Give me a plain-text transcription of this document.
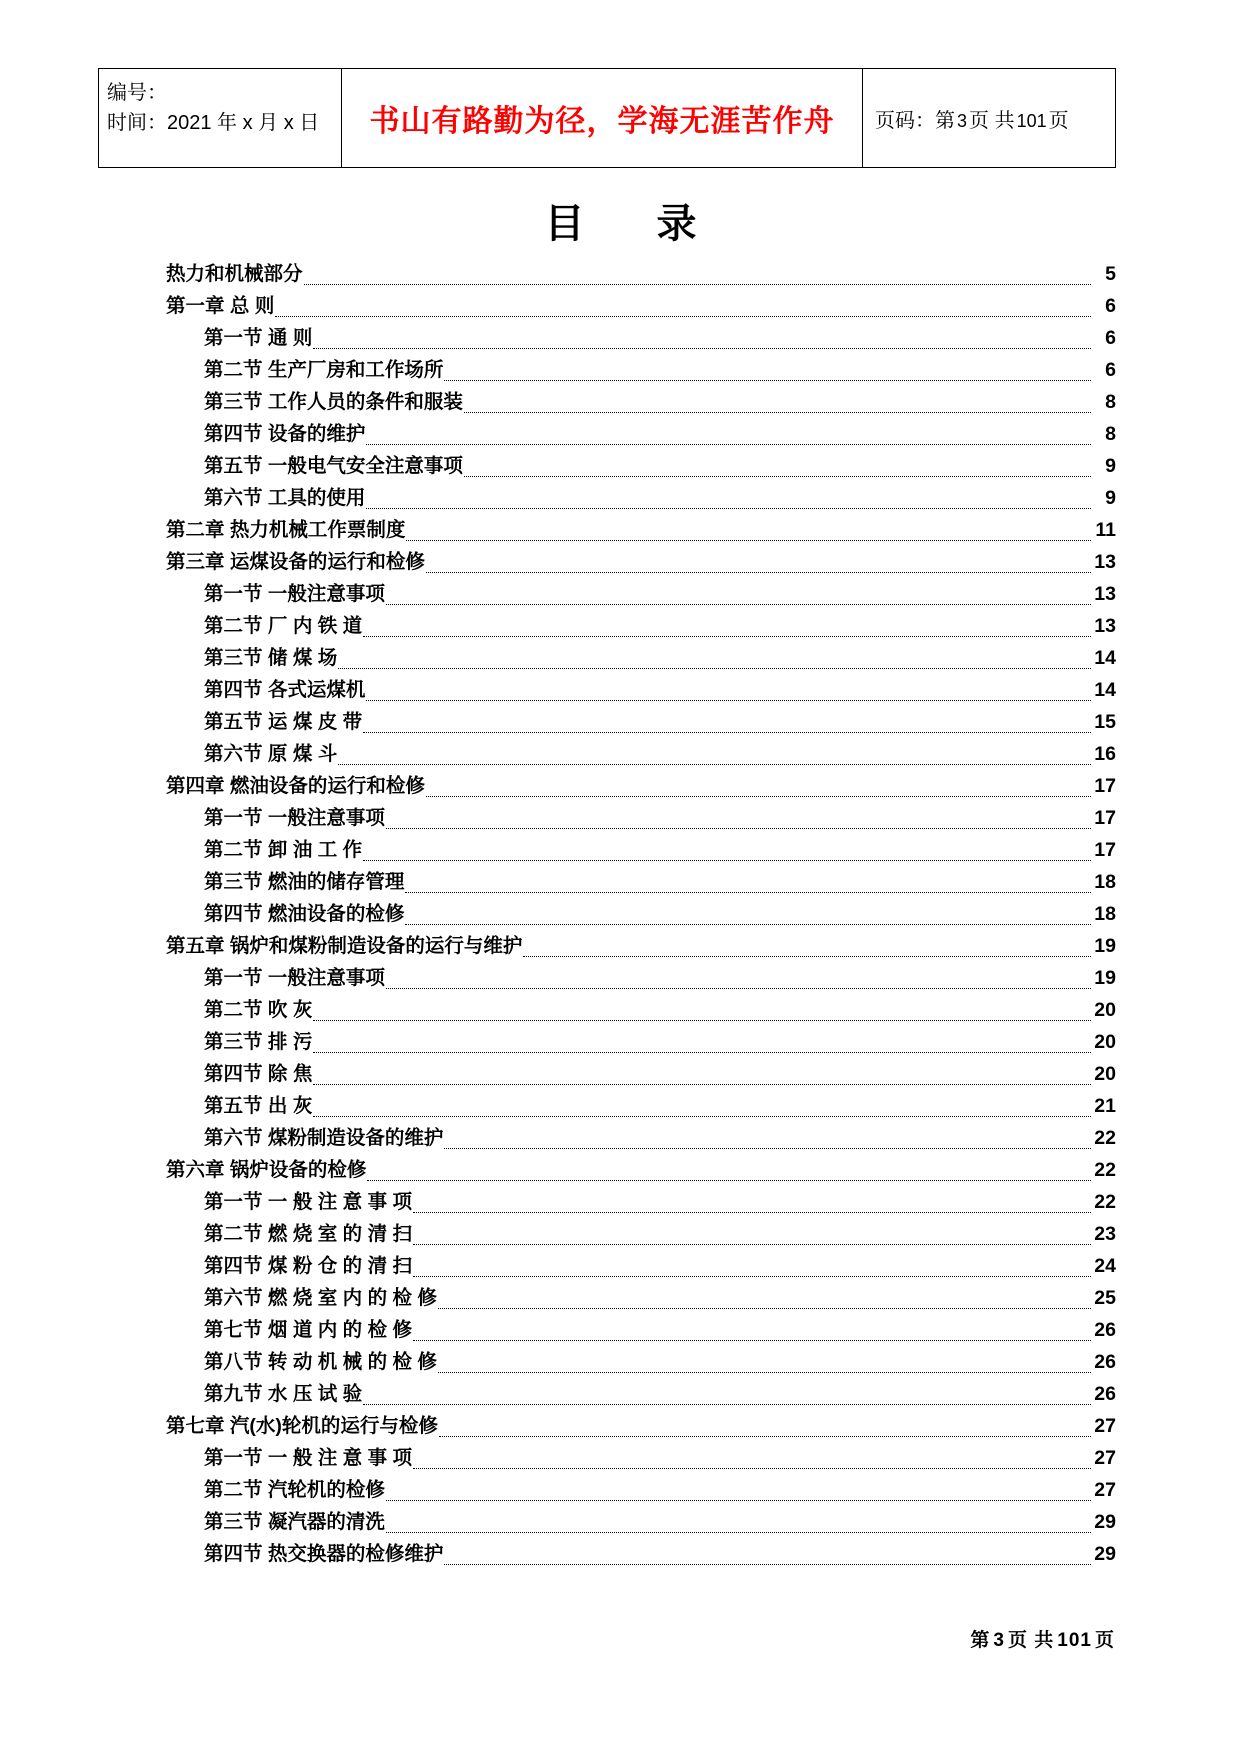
编号：
时间：2021 年 x 月 x 日	书山有路勤为径，学海无涯苦作舟 页码：第 3 页 共 101 页
目 录
热力和机械部分	5
第一章 总 则	6
第一节 通 则	6
第二节 生产厂房和工作场所	6
第三节 工作人员的条件和服装	8
第四节 设备的维护	8
第五节 一般电气安全注意事项	9
第六节 工具的使用	9
第二章 热力机械工作票制度	11
第三章 运煤设备的运行和检修	13
第一节 一般注意事项	13
第二节 厂 内 铁 道	13
第三节 储 煤 场	14
第四节 各式运煤机	14
第五节 运 煤 皮 带	15
第六节 原 煤 斗	16
第四章 燃油设备的运行和检修	17
第一节 一般注意事项	17
第二节 卸 油 工 作	17
第三节 燃油的储存管理	18
第四节 燃油设备的检修	18
第五章 锅炉和煤粉制造设备的运行与维护	19
第一节 一般注意事项	19
第二节 吹 灰	20
第三节 排 污	20
第四节 除 焦	20
第五节 出 灰	21
第六节 煤粉制造设备的维护	22
第六章 锅炉设备的检修	22
第一节 一 般 注 意 事 项	22
第二节 燃 烧 室 的 清 扫	23
第四节 煤 粉 仓 的 清 扫	24
第六节 燃 烧 室 内 的 检 修	25
第七节 烟 道 内 的 检 修	26
第八节 转 动 机 械 的 检 修	26
第九节 水 压 试 验	26
第七章 汽(水)轮机的运行与检修	27
第一节 一 般 注 意 事 项	27
第二节 汽轮机的检修	27
第三节 凝汽器的清洗	29
第四节 热交换器的检修维护	29
第 3 页 共 101 页
